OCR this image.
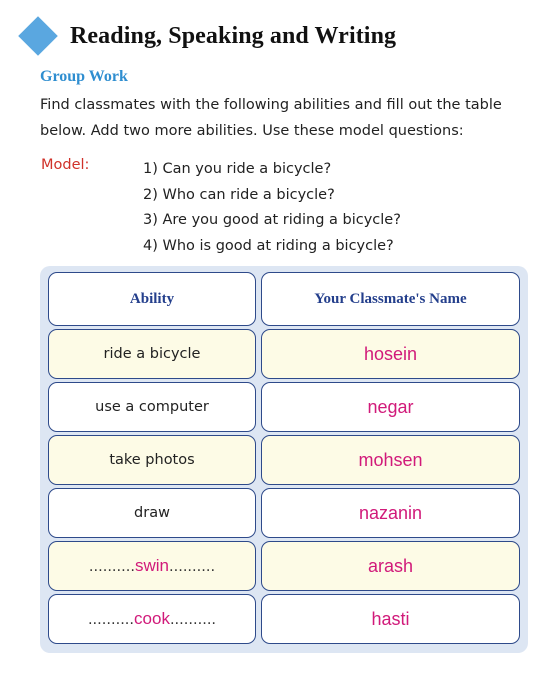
Reading, Speaking and Writing
Group Work
Find classmates with the following abilities and fill out the table below. Add two more abilities. Use these model questions:
Model:	1) Can you ride a bicycle?
2) Who can ride a bicycle?
3) Are you good at riding a bicycle?
4) Who is good at riding a bicycle?
Ability	Your Classmate's Name
ride a bicycle	hosein
use a computer	negar
take photos	mohsen
draw	nazanin
..........swin..........	arash
..........cook..........	hasti
